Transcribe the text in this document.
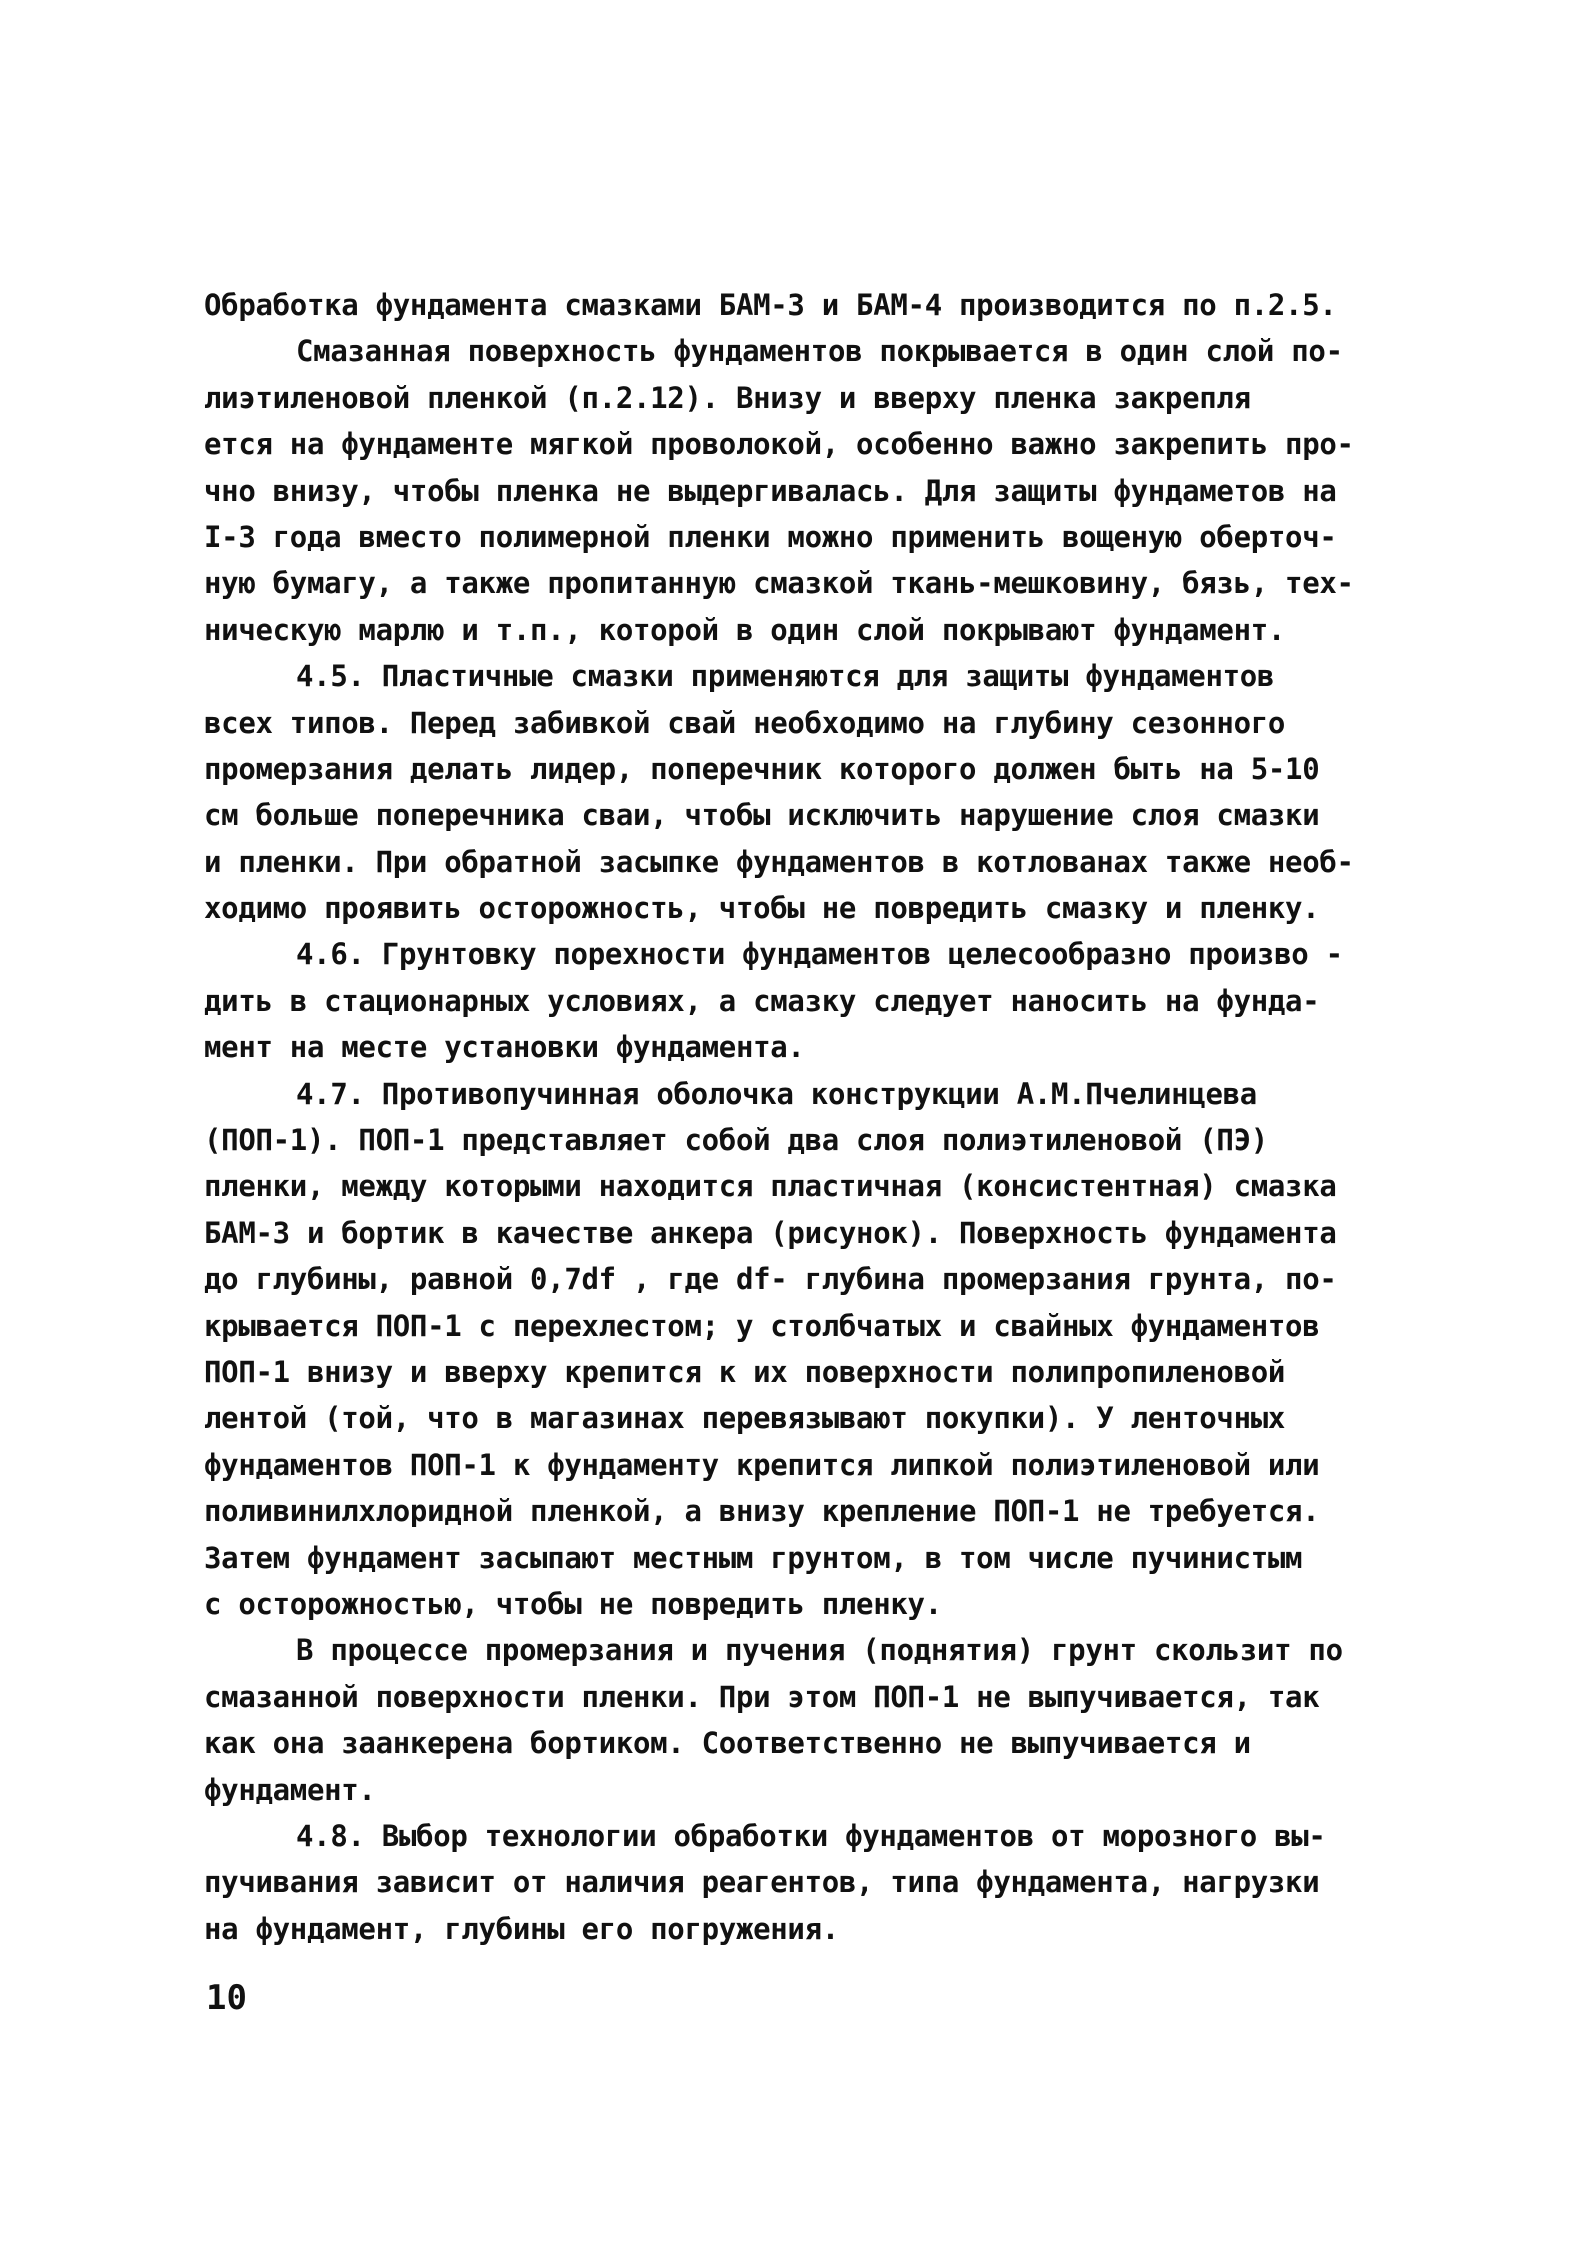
Обработка фундамента смазками БАМ-3 и БАМ-4 производится по п.2.5.
Смазанная поверхность фундаментов покрывается в один слой по-
лиэтиленовой пленкой (п.2.12). Внизу и вверху пленка закрепля
ется на фундаменте мягкой проволокой, особенно важно закрепить про-
чно внизу, чтобы пленка не выдергивалась. Для защиты фундаметов на
I-3 года вместо полимерной пленки можно применить вощеную оберточ-
ную бумагу, а также пропитанную смазкой ткань-мешковину, бязь, тех-
ническую марлю и т.п., которой в один слой покрывают фундамент.
4.5. Пластичные смазки применяются для защиты фундаментов
всех типов. Перед забивкой свай необходимо на глубину сезонного
промерзания делать лидер, поперечник которого должен быть на 5-10
см больше поперечника сваи, чтобы исключить нарушение слоя смазки
и пленки. При обратной засыпке фундаментов в котлованах также необ-
ходимо проявить осторожность, чтобы не повредить смазку и пленку.
4.6. Грунтовку порехности фундаментов целесообразно произво -
дить в стационарных условиях, а смазку следует наносить на фунда-
мент на месте установки фундамента.
4.7. Противопучинная оболочка конструкции А.М.Пчелинцева
(ПОП-1). ПОП-1 представляет собой два слоя полиэтиленовой (ПЭ)
пленки, между которыми находится пластичная (консистентная) смазка
БАМ-3 и бортик в качестве анкера (рисунок). Поверхность фундамента
до глубины, равной 0,7df , где df- глубина промерзания грунта, по-
крывается ПОП-1 с перехлестом; у столбчатых и свайных фундаментов
ПОП-1 внизу и вверху крепится к их поверхности полипропиленовой
лентой (той, что в магазинах перевязывают покупки). У ленточных
фундаментов ПОП-1 к фундаменту крепится липкой полиэтиленовой или
поливинилхлоридной пленкой, а внизу крепление ПОП-1 не требуется.
Затем фундамент засыпают местным грунтом, в том числе пучинистым
с осторожностью, чтобы не повредить пленку.
В процессе промерзания и пучения (поднятия) грунт скользит по
смазанной поверхности пленки. При этом ПОП-1 не выпучивается, так
как она заанкерена бортиком. Соответственно не выпучивается и
фундамент.
4.8. Выбор технологии обработки фундаментов от морозного вы-
пучивания зависит от наличия реагентов, типа фундамента, нагрузки
на фундамент, глубины его погружения.
10
